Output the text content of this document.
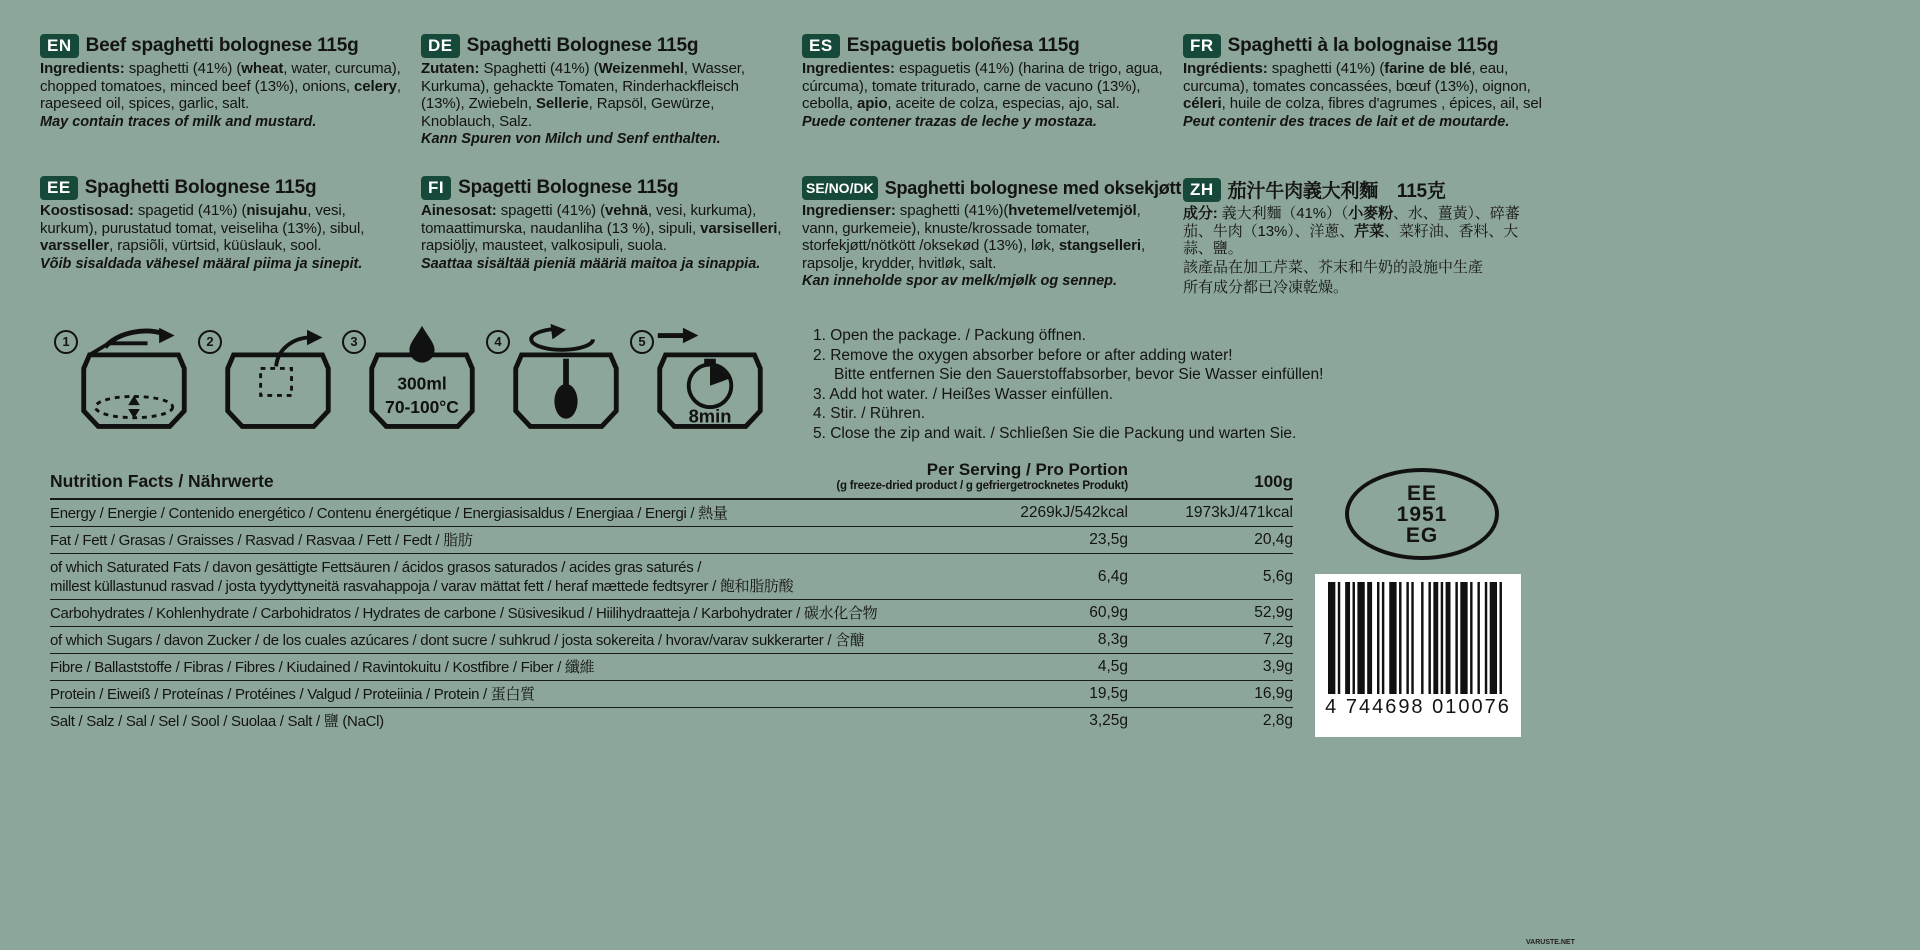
EN Beef spaghetti bolognese 115g

Ingredients: spaghetti (41%) (wheat, water, curcuma), chopped tomatoes, minced beef (13%), onions, celery, rapeseed oil, spices, garlic, salt.

May contain traces of milk and mustard.

DE Spaghetti Bolognese 115g

Zutaten: Spaghetti (41%) (Weizenmehl, Wasser, Kurkuma), gehackte Tomaten, Rinderhackfleisch (13%), Zwiebeln, Sellerie, Rapsöl, Gewürze, Knoblauch, Salz.

Kann Spuren von Milch und Senf enthalten.

ES Espaguetis boloñesa 115g

Ingredientes: espaguetis (41%) (harina de trigo, agua, cúrcuma), tomate triturado, carne de vacuno (13%), cebolla, apio, aceite de colza, especias, ajo, sal.

Puede contener trazas de leche y mostaza.

FR Spaghetti à la bolognaise 115g

Ingrédients: spaghetti (41%) (farine de blé, eau, curcuma), tomates concassées, bœuf (13%), oignon, céleri, huile de colza, fibres d'agrumes , épices, ail, sel

Peut contenir des traces de lait et de moutarde.

EE Spaghetti Bolognese 115g

Koostisosad: spagetid (41%) (nisujahu, vesi, kurkum), purustatud tomat, veiseliha (13%), sibul, varsseller, rapsiõli, vürtsid, küüslauk, sool.

Võib sisaldada vähesel määral piima ja sinepit.

FI Spagetti Bolognese 115g

Ainesosat: spagetti (41%) (vehnä, vesi, kurkuma), tomaattimurska, naudanliha (13 %), sipuli, varsiselleri, rapsiöljy, mausteet, valkosipuli, suola.

Saattaa sisältää pieniä määriä maitoa ja sinappia.

SE/NO/DK Spaghetti bolognese med oksekjøtt

Ingredienser: spaghetti (41%)(hvetemel/vetemjöl, vann, gurkemeie), knuste/krossade tomater, storfekjøtt/nötkött /oksekød (13%), løk, stangselleri, rapsolje, krydder, hvitløk, salt.

Kan inneholde spor av melk/mjølk og sennep.

ZH 茄汁牛肉義大利麵　115克

成分: 義大利麵（41%）（小麥粉、水、薑黃）、碎蕃茄、牛肉（13%）、洋蔥、芹菜、菜籽油、香料、大蒜、鹽。

該產品在加工芹菜、芥末和牛奶的設施中生產

所有成分都已冷凍乾燥。

1	2	3
300ml
70-100°C
4	5
8min
1. Open the package. / Packung öffnen.
2. Remove the oxygen absorber before or after adding water!
Bitte entfernen Sie den Sauerstoffabsorber, bevor Sie Wasser einfüllen!
3. Add hot water. / Heißes Wasser einfüllen.
4. Stir. / Rühren.
5. Close the zip and wait. / Schließen Sie die Packung und warten Sie.
Nutrition Facts / Nährwerte
Per Serving / Pro Portion
(g freeze-dried product / g gefriergetrocknetes Produkt)	100g
Energy / Energie / Contenido energético / Contenu énergétique / Energiasisaldus / Energiaa / Energi / 熱量	2269kJ/542kcal	1973kJ/471kcal
Fat / Fett / Grasas / Graisses / Rasvad / Rasvaa / Fett / Fedt / 脂肪	23,5g	20,4g
of which Saturated Fats / davon gesättigte Fettsäuren / ácidos grasos saturados / acides gras saturés /
millest küllastunud rasvad / josta tyydyttyneitä rasvahappoja / varav mättat fett / heraf mættede fedtsyrer / 飽和脂肪酸
6,4g	5,6g
Carbohydrates / Kohlenhydrate / Carbohidratos / Hydrates de carbone / Süsivesikud / Hiilihydraatteja / Karbohydrater / 碳水化合物	60,9g	52,9g
of which Sugars / davon Zucker / de los cuales azúcares / dont sucre / suhkrud / josta sokereita / hvorav/varav sukkerarter / 含醣	8,3g	7,2g
Fibre / Ballaststoffe / Fibras / Fibres / Kiudained / Ravintokuitu / Kostfibre / Fiber / 纖維	4,5g	3,9g
Protein / Eiweiß / Proteínas / Protéines / Valgud / Proteiinia / Protein / 蛋白質	19,5g	16,9g
Salt / Salz / Sal / Sel / Sool / Suolaa / Salt / 鹽 (NaCl)	3,25g	2,8g
EE
1951
EG
4 744698 010076
VARUSTE.NET
